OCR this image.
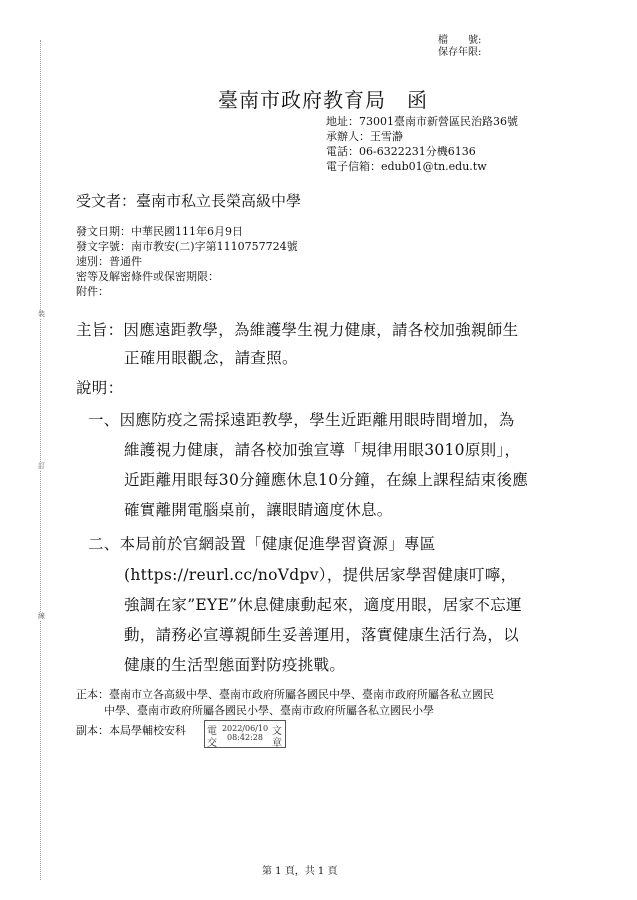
裝
訂
線
檔　　號:
保存年限:
臺南市政府教育局　函
地址：73001臺南市新營區民治路36號
承辦人：王雪瀞
電話：06-6322231分機6136
電子信箱：edub01@tn.edu.tw
受文者：臺南市私立長榮高級中學
發文日期：中華民國111年6月9日
發文字號：南市教安(二)字第1110757724號
速別：普通件
密等及解密條件或保密期限：
附件：
主旨：因應遠距教學，為維護學生視力健康，請各校加強親師生
正確用眼觀念，請查照。
說明：
一、因應防疫之需採遠距教學，學生近距離用眼時間增加，為
維護視力健康，請各校加強宣導「規律用眼3010原則」，
近距離用眼每30分鐘應休息10分鐘，在線上課程結束後應
確實離開電腦桌前，讓眼睛適度休息。
二、本局前於官網設置「健康促進學習資源」專區
(https://reurl.cc/noVdpv），提供居家學習健康叮嚀，
強調在家”EYE”休息健康動起來，適度用眼，居家不忘運
動，請務必宣導親師生妥善運用，落實健康生活行為，以
健康的生活型態面對防疫挑戰。
正本：臺南市立各高級中學、臺南市政府所屬各國民中學、臺南市政府所屬各私立國民
中學、臺南市政府所屬各國民小學、臺南市政府所屬各私立國民小學
副本：本局學輔校安科 電
交
2022/06/10
08:42:28
文
章
第 1 頁，共 1 頁
